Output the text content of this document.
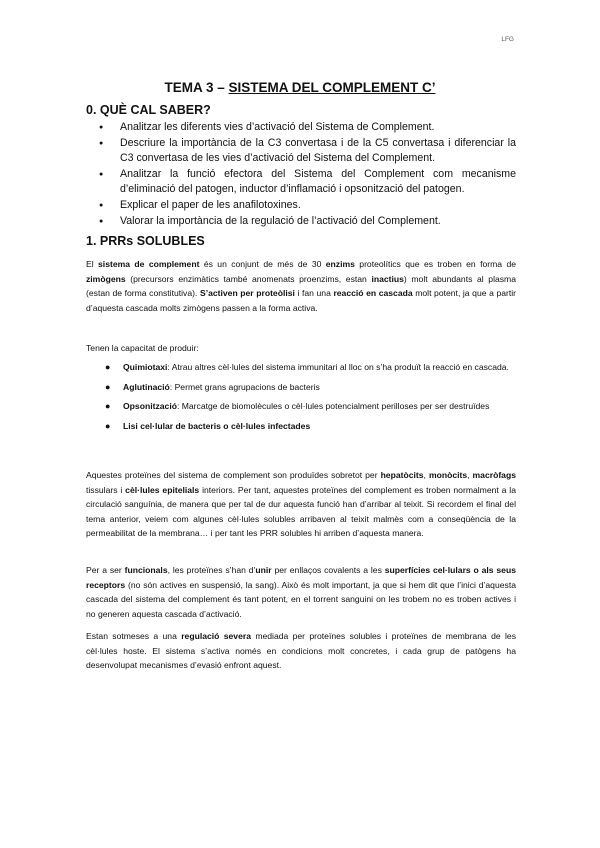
LFG
TEMA 3 – SISTEMA DEL COMPLEMENT C’
0. QUÈ CAL SABER?
● Analitzar les diferents vies d’activació del Sistema de Complement.
● Descriure la importància de la C3 convertasa i de la C5 convertasa i diferenciar la C3 convertasa de les vies d’activació del Sistema del Complement.
● Analitzar la funció efectora del Sistema del Complement com mecanisme d’eliminació del patogen, inductor d’inflamació i opsonització del patogen.
● Explicar el paper de les anafilotoxines.
● Valorar la importància de la regulació de l’activació del Complement.
1. PRRs SOLUBLES

El sistema de complement és un conjunt de més de 30 enzims proteolítics que es troben en forma de zimògens (precursors enzimàtics també anomenats proenzims, estan inactius) molt abundants al plasma (estan de forma constitutiva). S’activen per proteòlisi i fan una reacció en cascada molt potent, ja que a partir d’aquesta cascada molts zimògens passen a la forma activa.

Tenen la capacitat de produir:

● Quimiotaxi: Atrau altres cèl·lules del sistema immunitari al lloc on s’ha produït la reacció en cascada.
● Aglutinació: Permet grans agrupacions de bacteris
● Opsonització: Marcatge de biomolècules o cèl·lules potencialment perilloses per ser destruïdes
● Lisi cel·lular de bacteris o cèl·lules infectades

Aquestes proteïnes del sistema de complement son produïdes sobretot per hepatòcits, monòcits, macròfags tissulars i cèl·lules epitelials interiors. Per tant, aquestes proteïnes del complement es troben normalment a la circulació sanguínia, de manera que per tal de dur aquesta funció han d’arribar al teixit. Si recordem el final del tema anterior, veiem com algunes cèl·lules solubles arribaven al teixit malmès com a conseqüència de la permeabilitat de la membrana… i per tant les PRR solubles hi arriben d’aquesta manera.

Per a ser funcionals, les proteïnes s’han d’unir per enllaços covalents a les superfícies cel·lulars o als seus receptors (no són actives en suspensió, la sang). Això és molt important, ja que si hem dit que l’inici d’aquesta cascada del sistema del complement és tant potent, en el torrent sanguini on les trobem no es troben actives i no generen aquesta cascada d’activació.

Estan sotmeses a una regulació severa mediada per proteïnes solubles i proteïnes de membrana de les cèl·lules hoste. El sistema s’activa només en condicions molt concretes, i cada grup de patògens ha desenvolupat mecanismes d’evasió enfront aquest.
